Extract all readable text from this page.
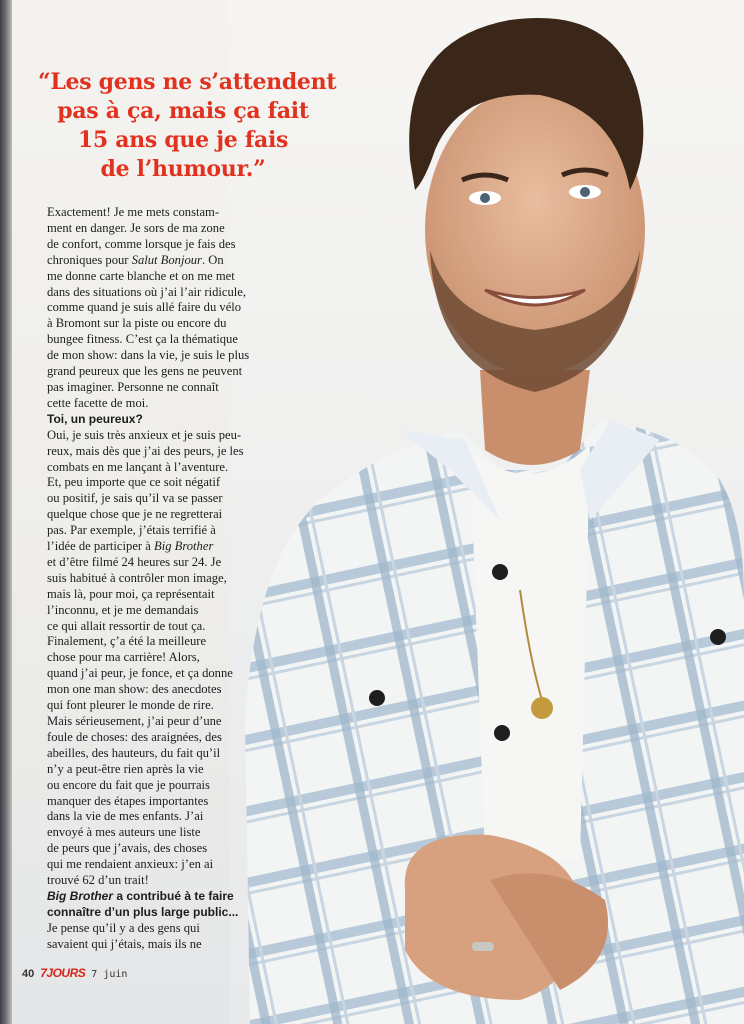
“Les gens ne s’attendent
pas à ça, mais ça fait
15 ans que je fais
de l’humour.”
Exactement! Je me mets constam-
ment en danger. Je sors de ma zone
de confort, comme lorsque je fais des
chroniques pour Salut Bonjour. On
me donne carte blanche et on me met
dans des situations où j’ai l’air ridicule,
comme quand je suis allé faire du vélo
à Bromont sur la piste ou encore du
bungee fitness. C’est ça la thématique
de mon show: dans la vie, je suis le plus
grand peureux que les gens ne peuvent
pas imaginer. Personne ne connaît
cette facette de moi.
Toi, un peureux?
Oui, je suis très anxieux et je suis peu-
reux, mais dès que j’ai des peurs, je les
combats en me lançant à l’aventure.
Et, peu importe que ce soit négatif
ou positif, je sais qu’il va se passer
quelque chose que je ne regretterai
pas. Par exemple, j’étais terrifié à
l’idée de participer à Big Brother
et d’être filmé 24 heures sur 24. Je
suis habitué à contrôler mon image,
mais là, pour moi, ça représentait
l’inconnu, et je me demandais
ce qui allait ressortir de tout ça.
Finalement, ç’a été la meilleure
chose pour ma carrière! Alors,
quand j’ai peur, je fonce, et ça donne
mon one man show: des anecdotes
qui font pleurer le monde de rire.
Mais sérieusement, j’ai peur d’une
foule de choses: des araignées, des
abeilles, des hauteurs, du fait qu’il
n’y a peut-être rien après la vie
ou encore du fait que je pourrais
manquer des étapes importantes
dans la vie de mes enfants. J’ai
envoyé à mes auteurs une liste
de peurs que j’avais, des choses
qui me rendaient anxieux: j’en ai
trouvé 62 d’un trait!
Big Brother a contribué à te faire
connaître d’un plus large public...
Je pense qu’il y a des gens qui
savaient qui j’étais, mais ils ne
40 7JOURS 7 juin
